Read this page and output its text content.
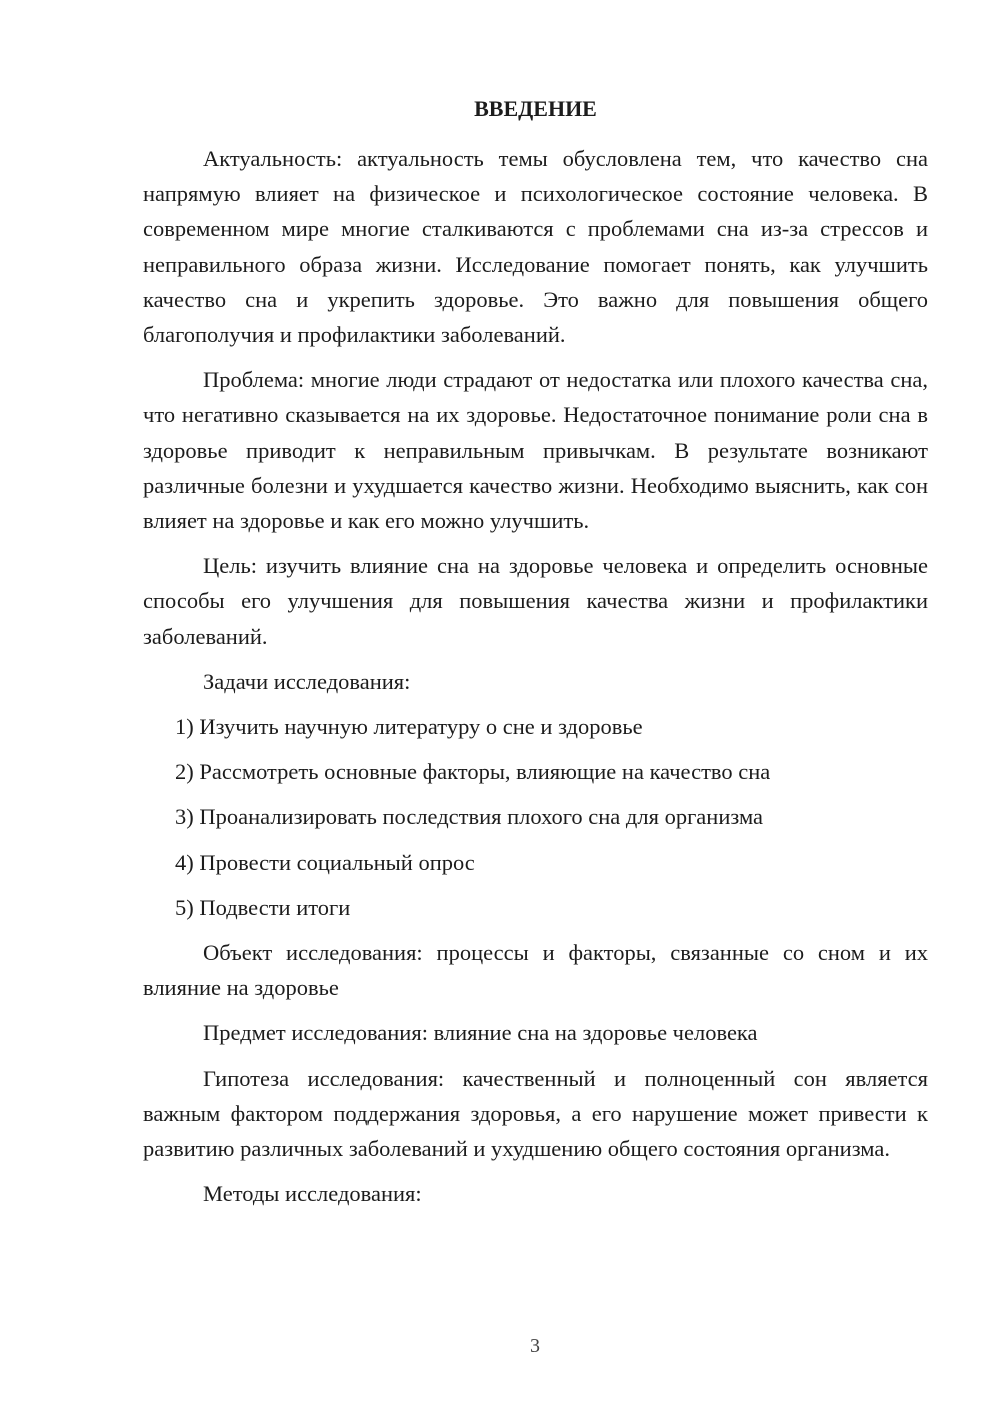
ВВЕДЕНИЕ

Актуальность: актуальность темы обусловлена тем, что качество сна напрямую влияет на физическое и психологическое состояние человека. В современном мире многие сталкиваются с проблемами сна из-за стрессов и неправильного образа жизни. Исследование помогает понять, как улучшить качество сна и укрепить здоровье. Это важно для повышения общего благополучия и профилактики заболеваний.

Проблема: многие люди страдают от недостатка или плохого качества сна, что негативно сказывается на их здоровье. Недостаточное понимание роли сна в здоровье приводит к неправильным привычкам. В результате возникают различные болезни и ухудшается качество жизни. Необходимо выяснить, как сон влияет на здоровье и как его можно улучшить.

Цель: изучить влияние сна на здоровье человека и определить основные способы его улучшения для повышения качества жизни и профилактики заболеваний.

Задачи исследования:

1) Изучить научную литературу о сне и здоровье

2) Рассмотреть основные факторы, влияющие на качество сна

3) Проанализировать последствия плохого сна для организма

4) Провести социальный опрос

5) Подвести итоги

Объект исследования: процессы и факторы, связанные со сном и их влияние на здоровье

Предмет исследования: влияние сна на здоровье человека

Гипотеза исследования: качественный и полноценный сон является важным фактором поддержания здоровья, а его нарушение может привести к развитию различных заболеваний и ухудшению общего состояния организма.

Методы исследования:

3
